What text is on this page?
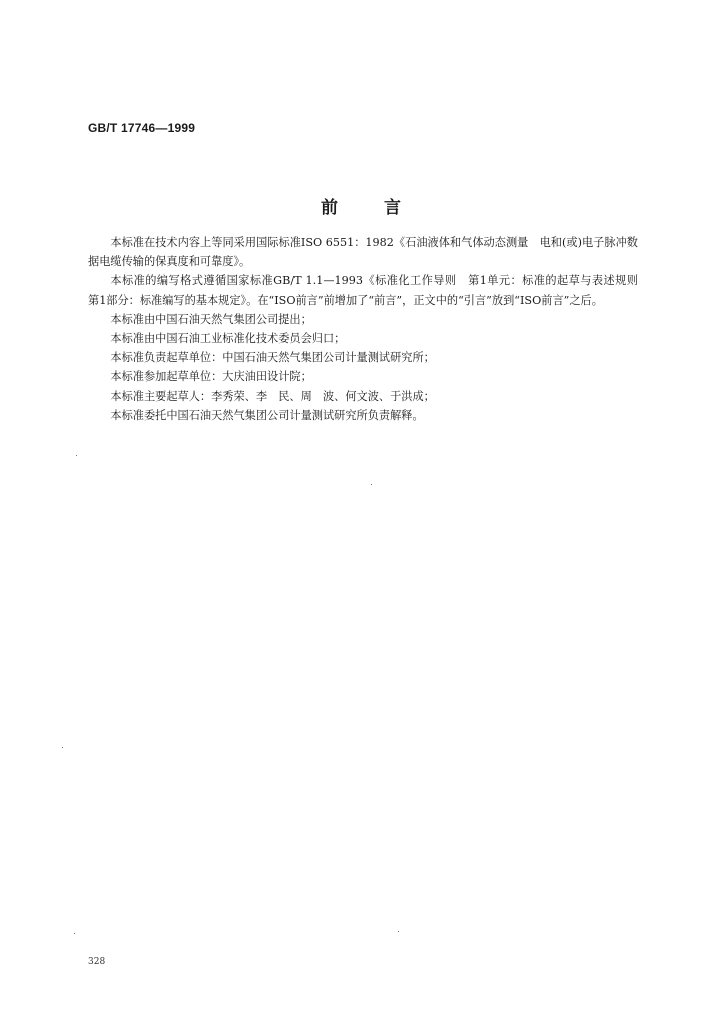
GB/T 17746—1999
前	言

本标准在技术内容上等同采用国际标准ISO 6551：1982《石油液体和气体动态测量　电和(或)电子脉冲数据电缆传输的保真度和可靠度》。

本标准的编写格式遵循国家标准GB/T 1.1—1993《标准化工作导则　第1单元：标准的起草与表述规则　第1部分：标准编写的基本规定》。在“ISO前言”前增加了“前言”，正文中的“引言”放到“ISO前言”之后。

本标准由中国石油天然气集团公司提出；

本标准由中国石油工业标准化技术委员会归口；

本标准负责起草单位：中国石油天然气集团公司计量测试研究所；

本标准参加起草单位：大庆油田设计院；

本标准主要起草人：李秀荣、李　民、周　波、何文波、于洪成；

本标准委托中国石油天然气集团公司计量测试研究所负责解释。

328
